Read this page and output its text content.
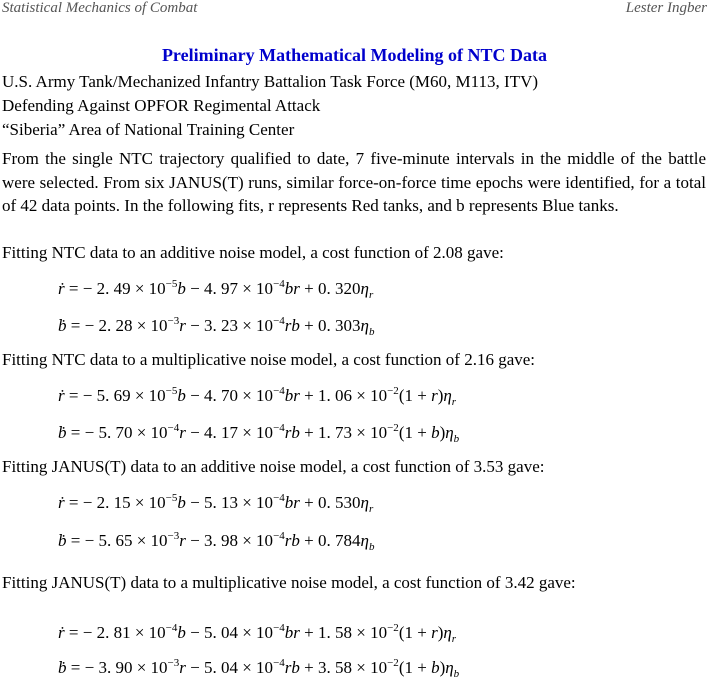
Statistical Mechanics of Combat	Lester Ingber
Preliminary Mathematical Modeling of NTC Data
U.S. Army Tank/Mechanized Infantry Battalion Task Force (M60, M113, ITV)
Defending Against OPFOR Regimental Attack
“Siberia” Area of National Training Center
From the single NTC trajectory qualified to date, 7 five-minute intervals in the middle of the battle were selected. From six JANUS(T) runs, similar force-on-force time epochs were identified, for a total of 42 data points. In the following fits, r represents Red tanks, and b represents Blue tanks.
Fitting NTC data to an additive noise model, a cost function of 2.08 gave:
ṙ = − 2. $49 \times 10^{-5}b - 4$. $97 \times 10^{-4}br + 0$. $320\eta_r$
ḃ = − 2. $28 \times 10^{-3}r - 3$. $23 \times 10^{-4}rb + 0$. $303\eta_b$
Fitting NTC data to a multiplicative noise model, a cost function of 2.16 gave:
ṙ = − 5. $69 \times 10^{-5}b - 4$. $70 \times 10^{-4}br + 1$. $06 \times 10^{-2}(1 + r)\eta_r$
ḃ = − 5. $70 \times 10^{-4}r - 4$. $17 \times 10^{-4}rb + 1$. $73 \times 10^{-2}(1 + b)\eta_b$
Fitting JANUS(T) data to an additive noise model, a cost function of 3.53 gave:
ṙ = − 2. $15 \times 10^{-5}b - 5$. $13 \times 10^{-4}br + 0$. $530\eta_r$
ḃ = − 5. $65 \times 10^{-3}r - 3$. $98 \times 10^{-4}rb + 0$. $784\eta_b$
Fitting JANUS(T) data to a multiplicative noise model, a cost function of 3.42 gave:
ṙ = − 2. $81 \times 10^{-4}b - 5$. $04 \times 10^{-4}br + 1$. $58 \times 10^{-2}(1 + r)\eta_r$
ḃ = − 3. $90 \times 10^{-3}r - 5$. $04 \times 10^{-4}rb + 3$. $58 \times 10^{-2}(1 + b)\eta_b$
